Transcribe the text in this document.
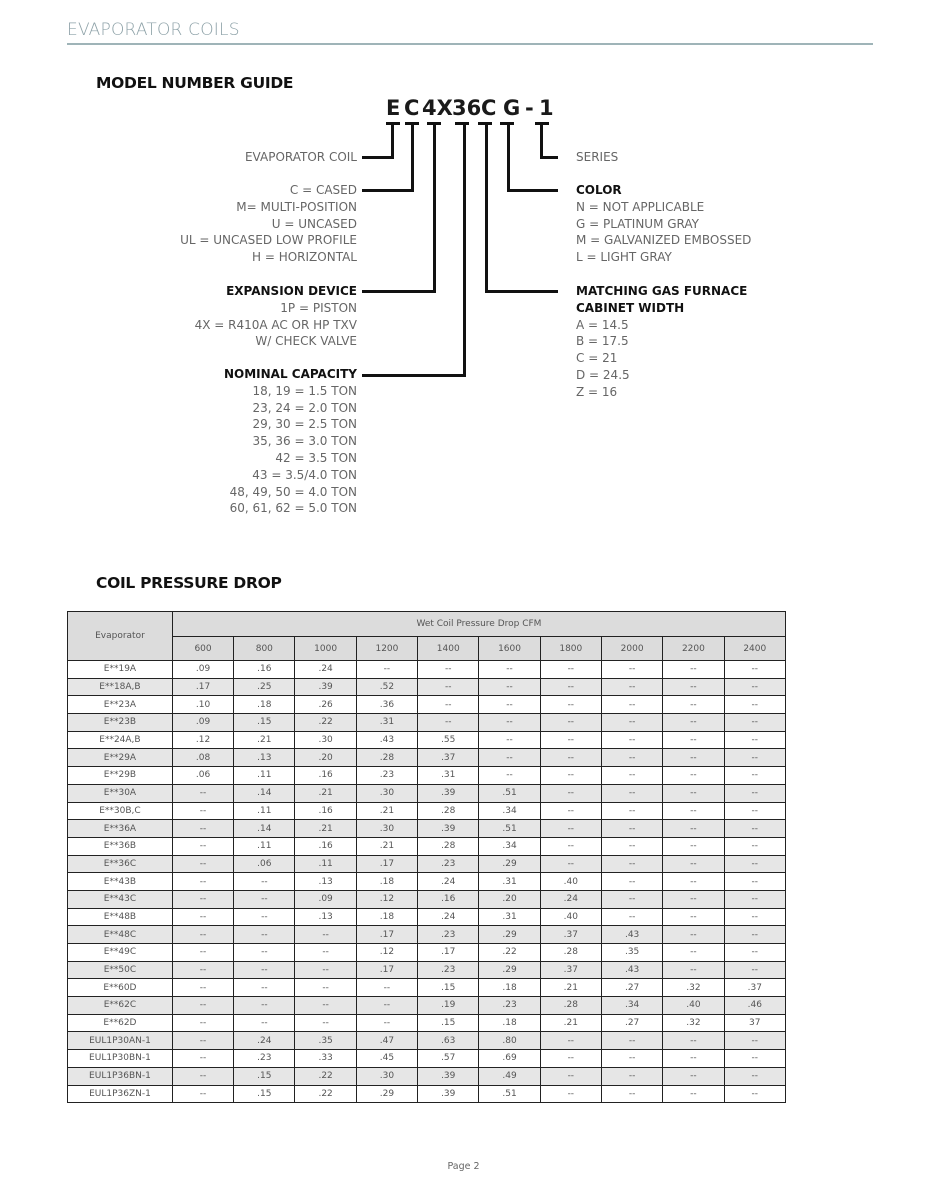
EVAPORATOR COILS
MODEL NUMBER GUIDE
E C 4X 36 C G - 1
EVAPORATOR COIL
C = CASED
M= MULTI-POSITION
U = UNCASED
UL = UNCASED LOW PROFILE
H = HORIZONTAL
EXPANSION DEVICE
1P = PISTON
4X = R410A AC OR HP TXV
W/ CHECK VALVE
NOMINAL CAPACITY
18, 19 = 1.5 TON
23, 24 = 2.0 TON
29, 30 = 2.5 TON
35, 36 = 3.0 TON
42 = 3.5 TON
43 = 3.5/4.0 TON
48, 49, 50 = 4.0 TON
60, 61, 62 = 5.0 TON
SERIES
COLOR
N = NOT APPLICABLE
G = PLATINUM GRAY
M = GALVANIZED EMBOSSED
L = LIGHT GRAY
MATCHING GAS FURNACE
CABINET WIDTH
A = 14.5
B = 17.5
C = 21
D = 24.5
Z = 16
COIL PRESSURE DROP
Evaporator	Wet Coil Pressure Drop CFM									
	600	800	1000	1200	1400	1600	1800	2000	2200	2400
E**19A	.09	.16	.24	--	--	--	--	--	--	--
E**18A,B	.17	.25	.39	.52	--	--	--	--	--	--
E**23A	.10	.18	.26	.36	--	--	--	--	--	--
E**23B	.09	.15	.22	.31	--	--	--	--	--	--
E**24A,B	.12	.21	.30	.43	.55	--	--	--	--	--
E**29A	.08	.13	.20	.28	.37	--	--	--	--	--
E**29B	.06	.11	.16	.23	.31	--	--	--	--	--
E**30A	--	.14	.21	.30	.39	.51	--	--	--	--
E**30B,C	--	.11	.16	.21	.28	.34	--	--	--	--
E**36A	--	.14	.21	.30	.39	.51	--	--	--	--
E**36B	--	.11	.16	.21	.28	.34	--	--	--	--
E**36C	--	.06	.11	.17	.23	.29	--	--	--	--
E**43B	--	--	.13	.18	.24	.31	.40	--	--	--
E**43C	--	--	.09	.12	.16	.20	.24	--	--	--
E**48B	--	--	.13	.18	.24	.31	.40	--	--	--
E**48C	--	--	--	.17	.23	.29	.37	.43	--	--
E**49C	--	--	--	.12	.17	.22	.28	.35	--	--
E**50C	--	--	--	.17	.23	.29	.37	.43	--	--
E**60D	--	--	--	--	.15	.18	.21	.27	.32	.37
E**62C	--	--	--	--	.19	.23	.28	.34	.40	.46
E**62D	--	--	--	--	.15	.18	.21	.27	.32	37
EUL1P30AN-1	--	.24	.35	.47	.63	.80	--	--	--	--
EUL1P30BN-1	--	.23	.33	.45	.57	.69	--	--	--	--
EUL1P36BN-1	--	.15	.22	.30	.39	.49	--	--	--	--
EUL1P36ZN-1	--	.15	.22	.29	.39	.51	--	--	--	--
Page 2
